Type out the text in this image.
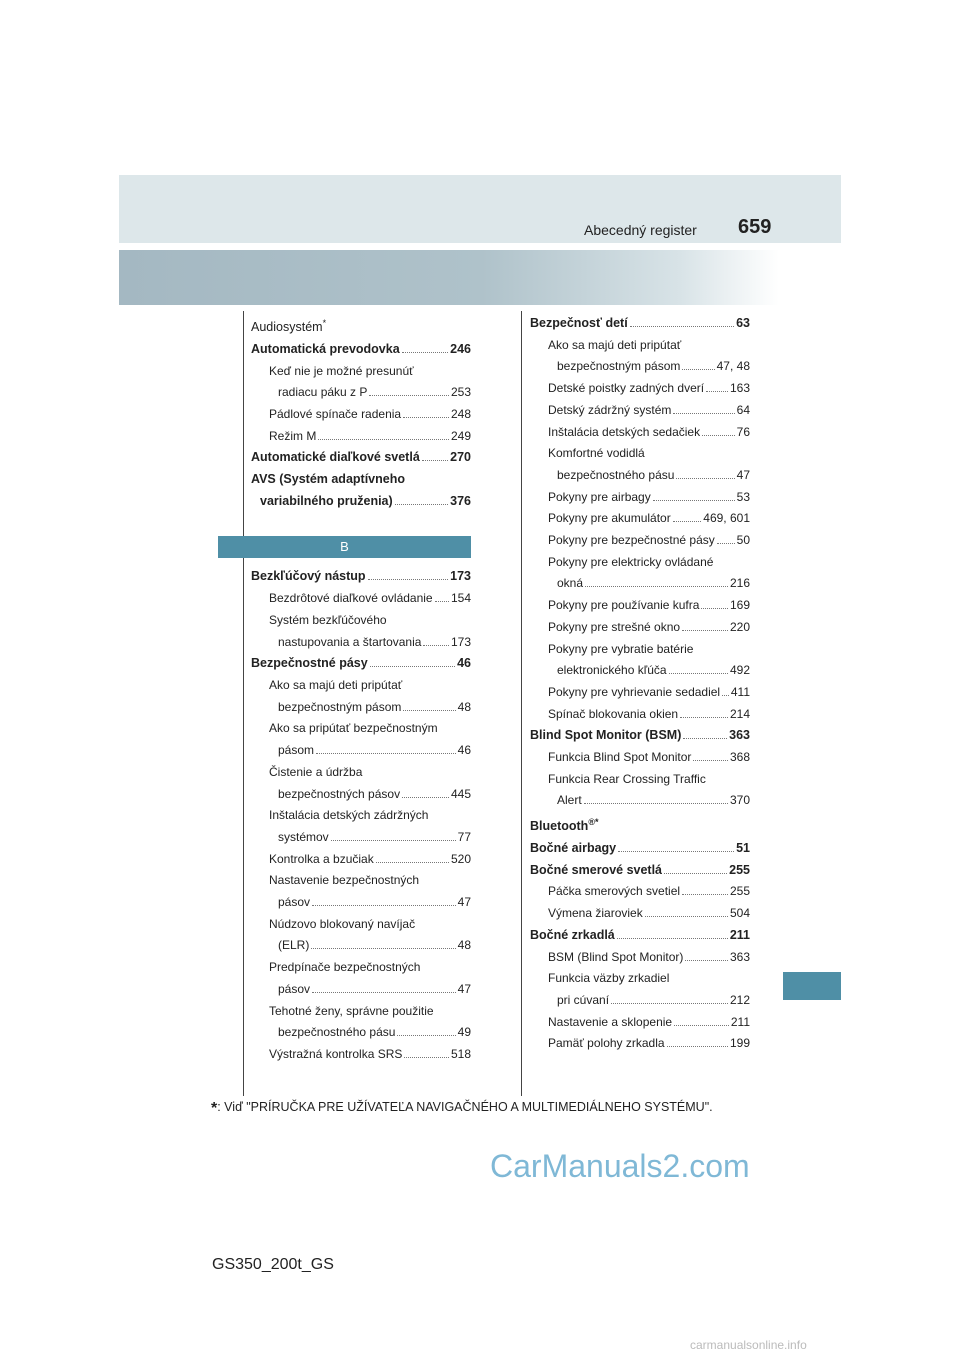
Abecedný register 659
Audiosystém*
Automatická prevodovka	246
Keď nie je možné presunúť
radiacu páku z P	253
Pádlové spínače radenia	248
Režim M	249
Automatické diaľkové svetlá 270
AVS (Systém adaptívneho
variabilného pruženia)	376
B
Bezkľúčový nástup	173
Bezdrôtové diaľkové ovládanie 154
Systém bezkľúčového
nastupovania a štartovania 173
Bezpečnostné pásy	46
Ako sa majú deti pripútať
bezpečnostným pásom	48
Ako sa pripútať bezpečnostným
pásom	46
Čistenie a údržba
bezpečnostných pásov	445
Inštalácia detských zádržných
systémov	77
Kontrolka a bzučiak	520
Nastavenie bezpečnostných
pásov	47
Núdzovo blokovaný navíjač
(ELR)	48
Predpínače bezpečnostných
pásov	47
Tehotné ženy, správne použitie
bezpečnostného pásu	49
Výstražná kontrolka SRS	518
Bezpečnosť detí	63
Ako sa majú deti pripútať
bezpečnostným pásom	47, 48
Detské poistky zadných dverí 163
Detský zádržný systém	64
Inštalácia detských sedačiek	76
Komfortné vodidlá
bezpečnostného pásu	47
Pokyny pre airbagy	53
Pokyny pre akumulátor	469, 601
Pokyny pre bezpečnostné pásy 50
Pokyny pre elektricky ovládané
okná	216
Pokyny pre používanie kufra	169
Pokyny pre strešné okno	220
Pokyny pre vybratie batérie
elektronického kľúča	492
Pokyny pre vyhrievanie sedadiel 411
Spínač blokovania okien	214
Blind Spot Monitor (BSM)	363
Funkcia Blind Spot Monitor	368
Funkcia Rear Crossing Traffic
Alert	370
Bluetooth®*
Bočné airbagy	51
Bočné smerové svetlá	255
Páčka smerových svetiel	255
Výmena žiaroviek	504
Bočné zrkadlá	211
BSM (Blind Spot Monitor)	363
Funkcia väzby zrkadiel
pri cúvaní	212
Nastavenie a sklopenie	211
Pamäť polohy zrkadla	199
*: Viď "PRÍRUČKA PRE UŽÍVATEĽA NAVIGAČNÉHO A MULTIMEDIÁLNEHO SYSTÉMU".
CarManuals2.com
GS350_200t_GS
carmanualsonline.info
